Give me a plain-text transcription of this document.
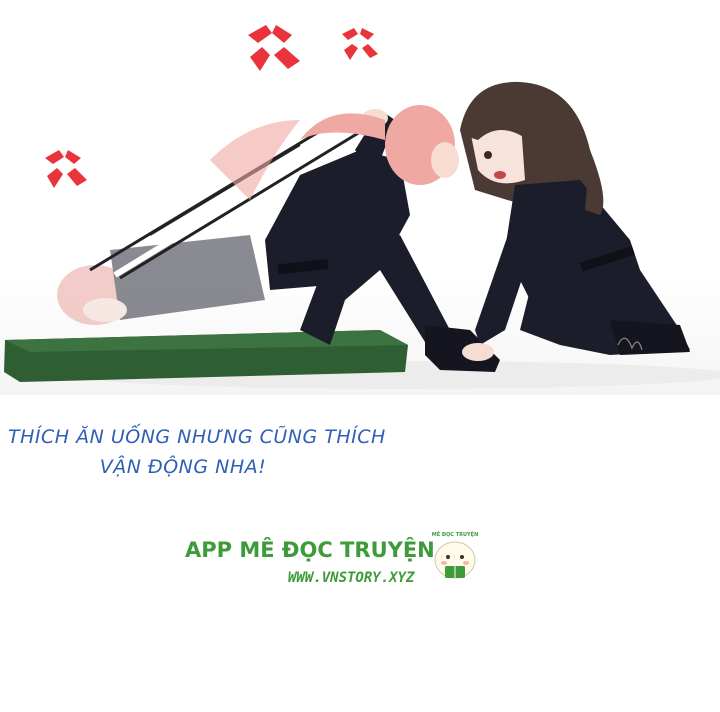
THÍCH ĂN UỐNG NHƯNG CŨNG THÍCH
VẬN ĐỘNG NHA!
APP MÊ ĐỌC TRUYỆN
WWW.VNSTORY.XYZ
MÊ ĐỌC TRUYỆN
